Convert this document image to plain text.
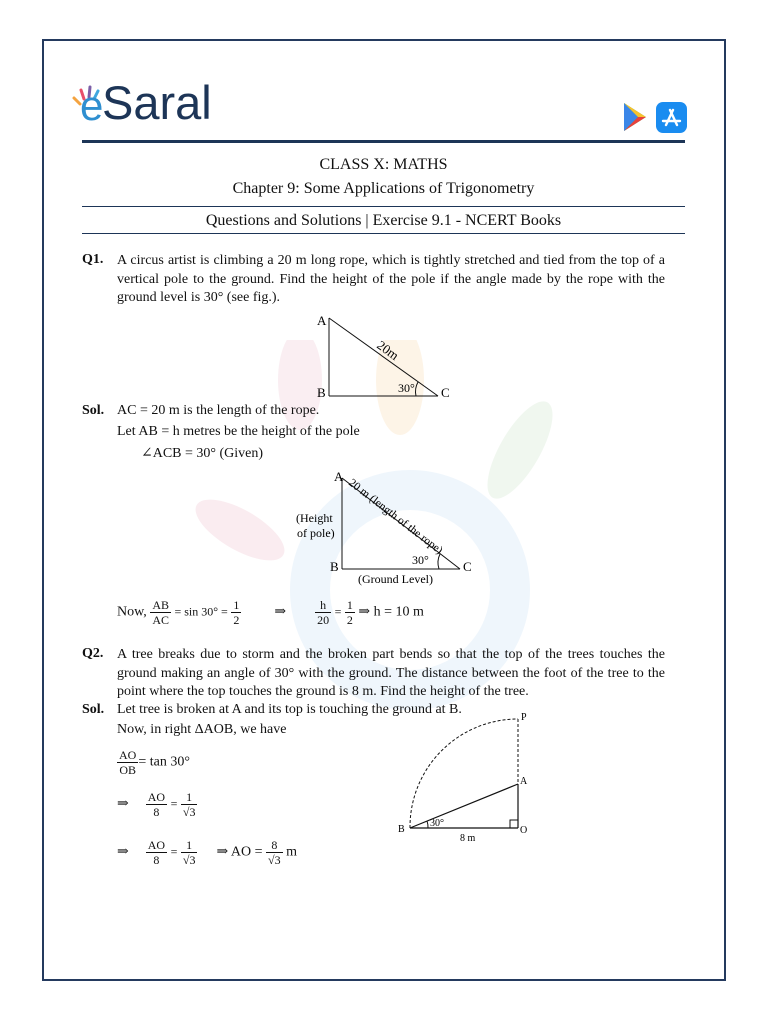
e
Saral
CLASS X: MATHS
Chapter 9: Some Applications of Trigonometry
Questions and Solutions | Exercise 9.1 - NCERT Books
Q1. A circus artist is climbing a 20 m long rope, which is tightly stretched and tied from the top of a vertical pole to the ground. Find the height of the pole if the angle made by the rope with the ground level is 30° (see fig.).
A
B	C
20m
30°
Sol. AC = 20 m is the length of the rope.
Let AB = h metres be the height of the pole
∠ACB = 30° (Given)
A
B	C
20 m (length of the rope)
(Height
of pole)
(Ground Level)
30°
Now, $\frac{AB}{AC} = \sin 30^\circ = \frac{1}{2}$ ⇒ $\frac{h}{20} = \frac{1}{2}$ ⇒ h = 10 m
Q2. A tree breaks due to storm and the broken part bends so that the top of the trees touches the ground making an angle of 30° with the ground. The distance between the foot of the tree to the point where the top touches the ground is 8 m. Find the height of the tree.
Sol. Let tree is broken at A and its top is touching the ground at B.
Now, in right ΔAOB, we have
$\frac{AO}{OB} = \tan 30^\circ$
⇒ $\frac{AO}{8} = \frac{1}{√3}$
⇒ $\frac{AO}{8} = \frac{1}{√3}$ ⇒ AO = $\frac{8}{√3}$ m
P
A
B	O
30°
8 m
